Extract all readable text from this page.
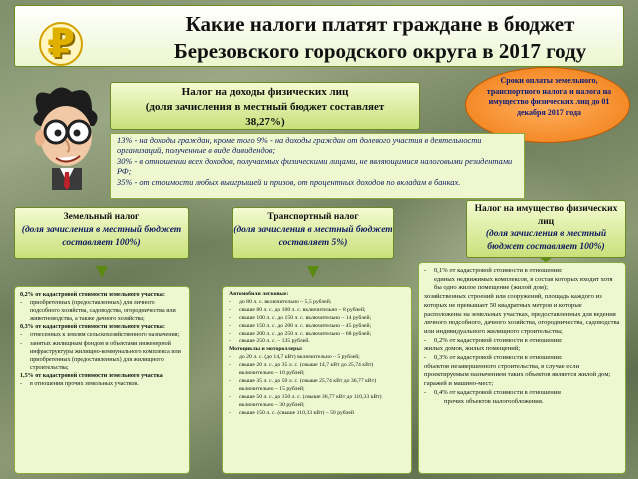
₽	Какие налоги платят граждане в бюджет
Березовского городского округа в 2017 году
Сроки оплаты земельного, транспортного налога и налога на имущество физических лиц до 01 декабря 2017 года
Налог на доходы физических лиц
(доля зачисления в местный бюджет составляет
38,27%)
13% - на доходы граждан, кроме того 9% - на доходы граждан от долевого участия в деятельности организаций, полученные в виде дивидендов;
30% - в отношении всех доходов, получаемых физическими лицами, не являющимися налоговыми резидентами РФ;
35% - от стоимости любых выигрышей и призов, от процентных доходов по вкладам в банках.
Земельный налог
(доля зачисления в местный бюджет составляет 100%)
Транспортный налог
(доля зачисления в местный бюджет составляет 5%)
Налог на имущество физических лиц
(доля зачисления в местный бюджет составляет 100%)
0,2% от кадастровой стоимости земельного участка:
-	приобретенных (предоставленных) для личного подсобного хозяйства, садоводства, огородничества или животноводства, а также дачного хозяйства;
0,3% от кадастровой стоимости земельного участка:
-	отнесенных к землям сельскохозяйственного назначения;
-	занятых жилищным фондом и объектами инженерной инфраструктуры жилищно-коммунального комплекса или приобретенных (предоставленных) для жилищного строительства;
1,5% от кадастровой стоимости земельного участка
-	в отношении прочих земельных участков.
Автомобили легковые:
-	до 80 л. с. включительно – 5,5 рублей;
-	свыше 80 л. с. до 100 л. с. включительно – 8 рублей;
-	свыше 100 л. с. до 150 л. с. включительно – 14 рублей;
-	свыше 150 л. с. до 200 л. с. включительно – 45 рублей;
-	свыше 200 л. с. до 250 л. с. включительно – 68 рублей;
-	свыше 250 л. с. – 135 рублей.
Мотоциклы и мотороллеры:
-	до 20 л. с. (до 14,7 кВт) включительно – 5 рублей;
-	свыше 20 л. с. до 35 л. с. (свыше 14,7 кВт до 25,74 кВт) включительно – 10 рублей;
-	свыше 35 л. с. до 50 л. с. (свыше 25,74 кВт до 36,77 кВт) включительно – 15 рублей;
-	свыше 50 л. с. до 150 л. с. (свыше 36,77 кВт до 110,33 кВт) включительно – 30 рублей;
-	свыше 150 л. с. (свыше 110,33 кВт) – 50 рублей
-	0,1% от кадастровой стоимости в отношении:
единых недвижимых комплексов, в состав которых входит хотя бы одно жилое помещение (жилой дом);
хозяйственных строений или сооружений, площадь каждого из которых не превышает 50 квадратных метров и которые расположены на земельных участках, предоставленных для ведения личного подсобного, дачного хозяйства, огородничества, садоводства или индивидуального жилищного строительства;
-	0,2% от кадастровой стоимости в отношении:
жилых домов, жилых помещений;
-	0,3% от кадастровой стоимости в отношении:
объектов незавершенного строительства, в случае если проектируемым назначением таких объектов является жилой дом;
гаражей и машино-мест;
-	0,4% от кадастровой стоимости в отношении
прочих объектов налогообложения.
